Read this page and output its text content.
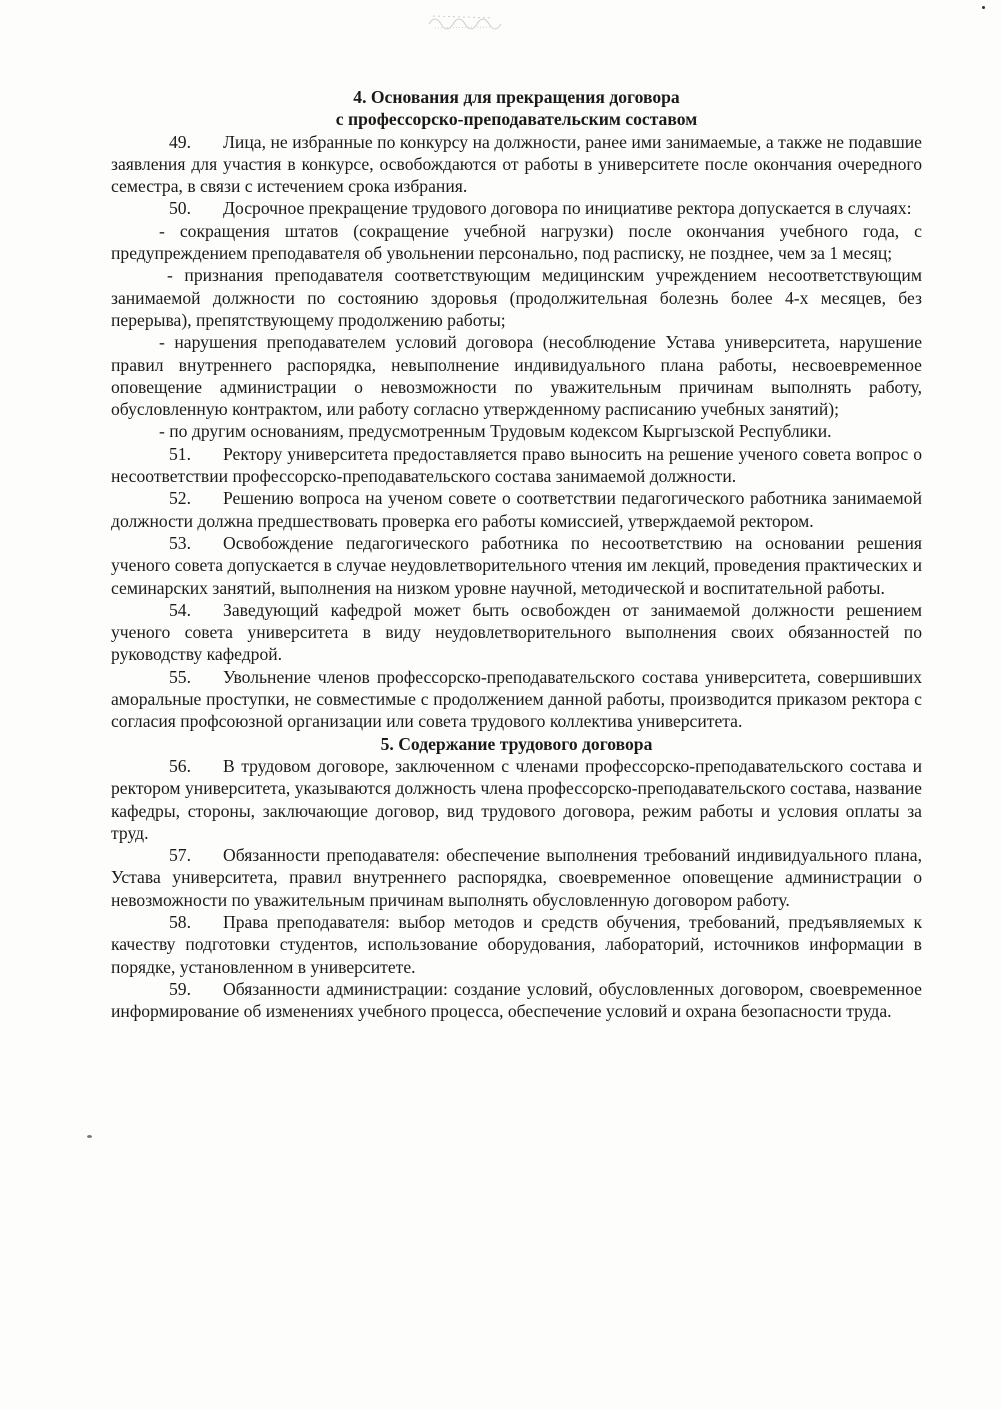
4. Основания для прекращения договора

с профессорско-преподавательским составом

49. Лица, не избранные по конкурсу на должности, ранее ими занимаемые, а также не подавшие заявления для участия в конкурсе, освобождаются от работы в университете после окончания очередного семестра, в связи с истечением срока избрания.

50. Досрочное прекращение трудового договора по инициативе ректора допускается в случаях:

- сокращения штатов (сокращение учебной нагрузки) после окончания учебного года, с предупреждением преподавателя об увольнении персонально, под расписку, не позднее, чем за 1 месяц;

- признания преподавателя соответствующим медицинским учреждением несоответствующим занимаемой должности по состоянию здоровья (продолжительная болезнь более 4-х месяцев, без перерыва), препятствующему продолжению работы;

- нарушения преподавателем условий договора (несоблюдение Устава университета, нарушение правил внутреннего распорядка, невыполнение индивидуального плана работы, несвоевременное оповещение администрации о невозможности по уважительным причинам выполнять работу, обусловленную контрактом, или работу согласно утвержденному расписанию учебных занятий);

- по другим основаниям, предусмотренным Трудовым кодексом Кыргызской Республики.

51. Ректору университета предоставляется право выносить на решение ученого совета вопрос о несоответствии профессорско-преподавательского состава занимаемой должности.

52. Решению вопроса на ученом совете о соответствии педагогического работника занимаемой должности должна предшествовать проверка его работы комиссией, утверждаемой ректором.

53. Освобождение педагогического работника по несоответствию на основании решения ученого совета допускается в случае неудовлетворительного чтения им лекций, проведения практических и семинарских занятий, выполнения на низком уровне научной, методической и воспитательной работы.

54. Заведующий кафедрой может быть освобожден от занимаемой должности решением ученого совета университета в виду неудовлетворительного выполнения своих обязанностей по руководству кафедрой.

55. Увольнение членов профессорско-преподавательского состава университета, совершивших аморальные проступки, не совместимые с продолжением данной работы, производится приказом ректора с согласия профсоюзной организации или совета трудового коллектива университета.

5. Содержание трудового договора

56. В трудовом договоре, заключенном с членами профессорско-преподавательского состава и ректором университета, указываются должность члена профессорско-преподавательского состава, название кафедры, стороны, заключающие договор, вид трудового договора, режим работы и условия оплаты за труд.

57. Обязанности преподавателя: обеспечение выполнения требований индивидуального плана, Устава университета, правил внутреннего распорядка, своевременное оповещение администрации о невозможности по уважительным причинам выполнять обусловленную договором работу.

58. Права преподавателя: выбор методов и средств обучения, требований, предъявляемых к качеству подготовки студентов, использование оборудования, лабораторий, источников информации в порядке, установленном в университете.

59. Обязанности администрации: создание условий, обусловленных договором, своевременное информирование об изменениях учебного процесса, обеспечение условий и охрана безопасности труда.
